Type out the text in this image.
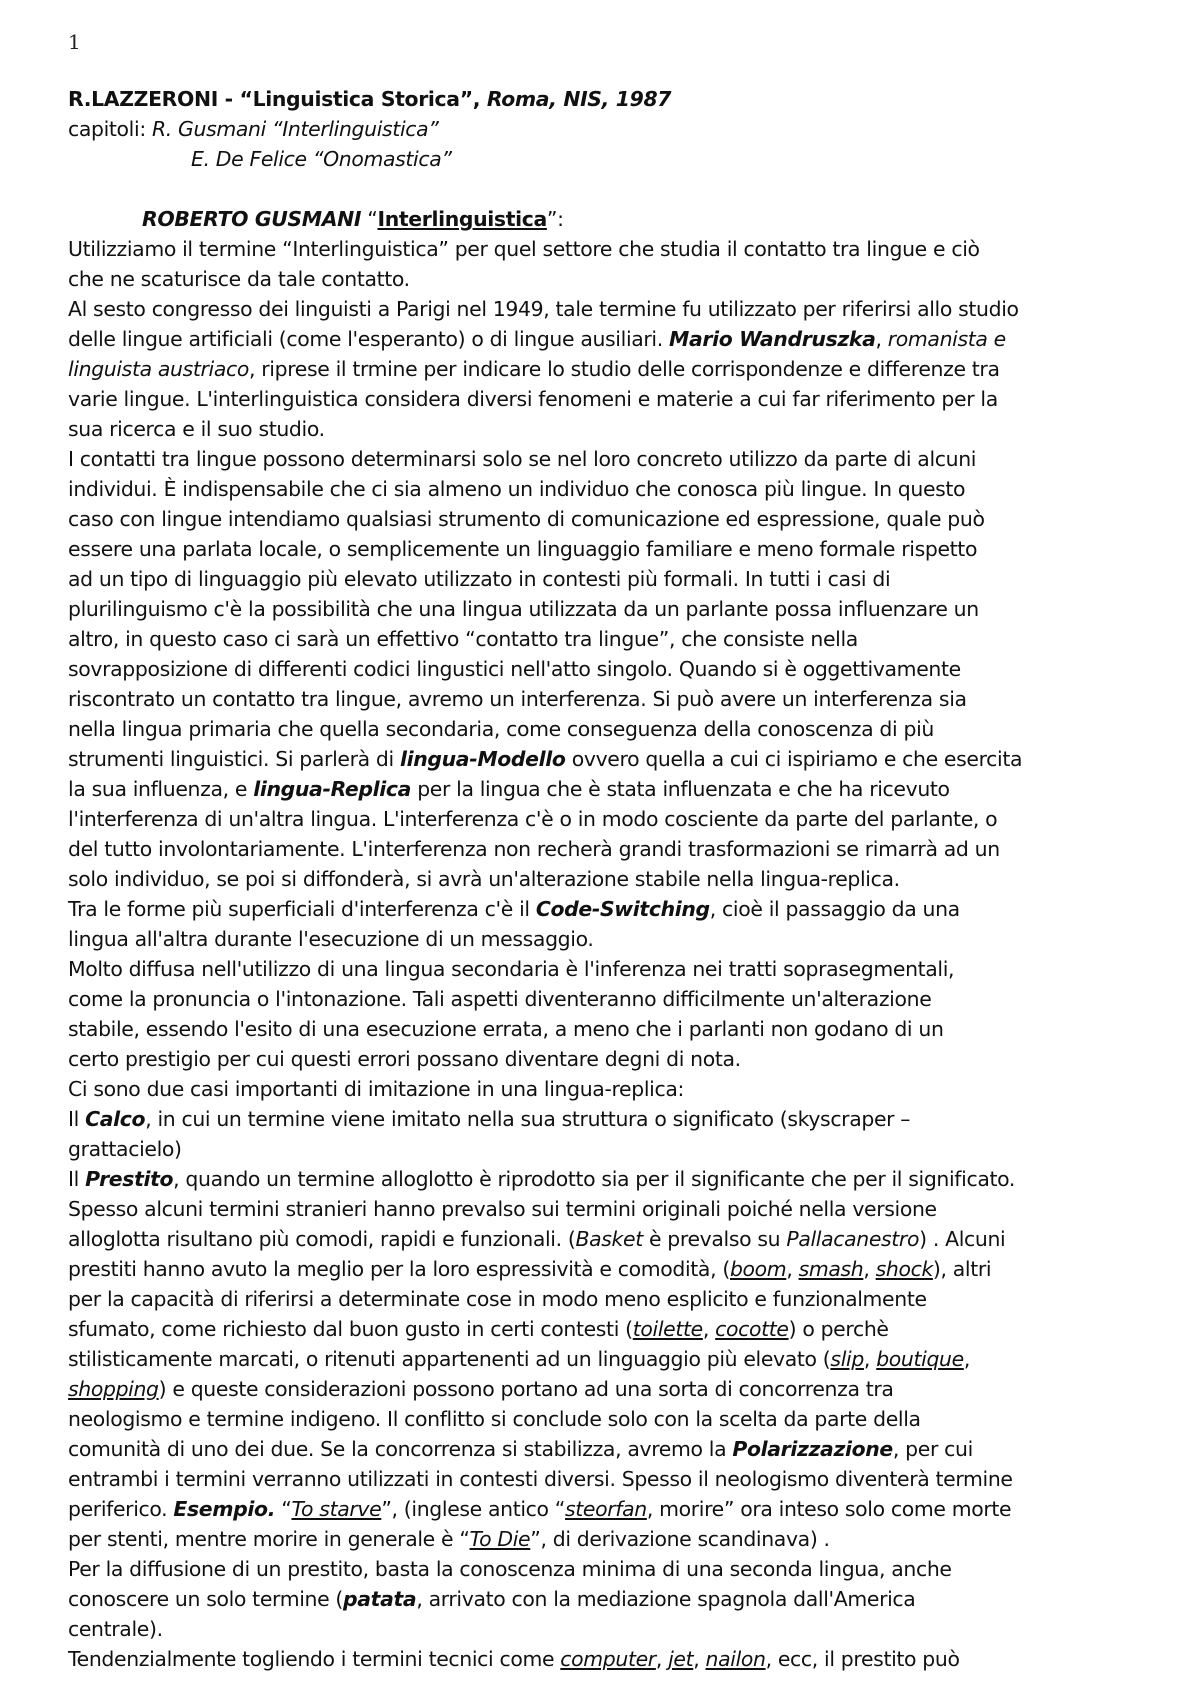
1
R.LAZZERONI - “Linguistica Storica”, Roma, NIS, 1987
capitoli: R. Gusmani “Interlinguistica”
E. De Felice “Onomastica”
ROBERTO GUSMANI “Interlinguistica”:
Utilizziamo il termine “Interlinguistica” per quel settore che studia il contatto tra lingue e ciò
che ne scaturisce da tale contatto.
Al sesto congresso dei linguisti a Parigi nel 1949, tale termine fu utilizzato per riferirsi allo studio
delle lingue artificiali (come l'esperanto) o di lingue ausiliari. Mario Wandruszka, romanista e
linguista austriaco, riprese il trmine per indicare lo studio delle corrispondenze e differenze tra
varie lingue. L'interlinguistica considera diversi fenomeni e materie a cui far riferimento per la
sua ricerca e il suo studio.
I contatti tra lingue possono determinarsi solo se nel loro concreto utilizzo da parte di alcuni
individui. È indispensabile che ci sia almeno un individuo che conosca più lingue. In questo
caso con lingue intendiamo qualsiasi strumento di comunicazione ed espressione, quale può
essere una parlata locale, o semplicemente un linguaggio familiare e meno formale rispetto
ad un tipo di linguaggio più elevato utilizzato in contesti più formali. In tutti i casi di
plurilinguismo c'è la possibilità che una lingua utilizzata da un parlante possa influenzare un
altro, in questo caso ci sarà un effettivo “contatto tra lingue”, che consiste nella
sovrapposizione di differenti codici lingustici nell'atto singolo. Quando si è oggettivamente
riscontrato un contatto tra lingue, avremo un interferenza. Si può avere un interferenza sia
nella lingua primaria che quella secondaria, come conseguenza della conoscenza di più
strumenti linguistici. Si parlerà di lingua-Modello ovvero quella a cui ci ispiriamo e che esercita
la sua influenza, e lingua-Replica per la lingua che è stata influenzata e che ha ricevuto
l'interferenza di un'altra lingua. L'interferenza c'è o in modo cosciente da parte del parlante, o
del tutto involontariamente. L'interferenza non recherà grandi trasformazioni se rimarrà ad un
solo individuo, se poi si diffonderà, si avrà un'alterazione stabile nella lingua-replica.
Tra le forme più superficiali d'interferenza c'è il Code-Switching, cioè il passaggio da una
lingua all'altra durante l'esecuzione di un messaggio.
Molto diffusa nell'utilizzo di una lingua secondaria è l'inferenza nei tratti soprasegmentali,
come la pronuncia o l'intonazione. Tali aspetti diventeranno difficilmente un'alterazione
stabile, essendo l'esito di una esecuzione errata, a meno che i parlanti non godano di un
certo prestigio per cui questi errori possano diventare degni di nota.
Ci sono due casi importanti di imitazione in una lingua-replica:
Il Calco, in cui un termine viene imitato nella sua struttura o significato (skyscraper –
grattacielo)
Il Prestito, quando un termine alloglotto è riprodotto sia per il significante che per il significato.
Spesso alcuni termini stranieri hanno prevalso sui termini originali poiché nella versione
alloglotta risultano più comodi, rapidi e funzionali. (Basket è prevalso su Pallacanestro) . Alcuni
prestiti hanno avuto la meglio per la loro espressività e comodità, (boom, smash, shock), altri
per la capacità di riferirsi a determinate cose in modo meno esplicito e funzionalmente
sfumato, come richiesto dal buon gusto in certi contesti (toilette, cocotte) o perchè
stilisticamente marcati, o ritenuti appartenenti ad un linguaggio più elevato (slip, boutique,
shopping) e queste considerazioni possono portano ad una sorta di concorrenza tra
neologismo e termine indigeno. Il conflitto si conclude solo con la scelta da parte della
comunità di uno dei due. Se la concorrenza si stabilizza, avremo la Polarizzazione, per cui
entrambi i termini verranno utilizzati in contesti diversi. Spesso il neologismo diventerà termine
periferico. Esempio. “To starve”, (inglese antico “steorfan, morire” ora inteso solo come morte
per stenti, mentre morire in generale è “To Die”, di derivazione scandinava) .
Per la diffusione di un prestito, basta la conoscenza minima di una seconda lingua, anche
conoscere un solo termine (patata, arrivato con la mediazione spagnola dall'America
centrale).
Tendenzialmente togliendo i termini tecnici come computer, jet, nailon, ecc, il prestito può
